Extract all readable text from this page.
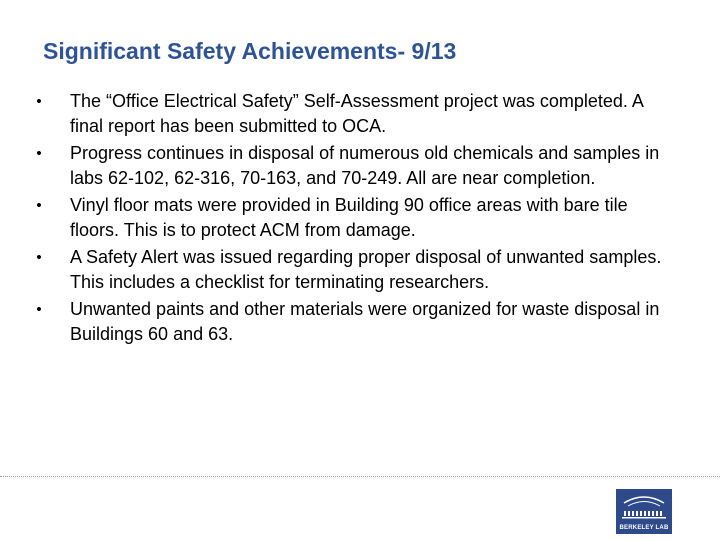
Significant Safety Achievements- 9/13
• The “Office Electrical Safety” Self-Assessment project was completed. A final report has been submitted to OCA.
• Progress continues in disposal of numerous old chemicals and samples in labs 62-102, 62-316, 70-163, and 70-249. All are near completion.
• Vinyl floor mats were provided in Building 90 office areas with bare tile floors. This is to protect ACM from damage.
• A Safety Alert was issued regarding proper disposal of unwanted samples. This includes a checklist for terminating researchers.
• Unwanted paints and other materials were organized for waste disposal in Buildings 60 and 63.
BERKELEY LAB
